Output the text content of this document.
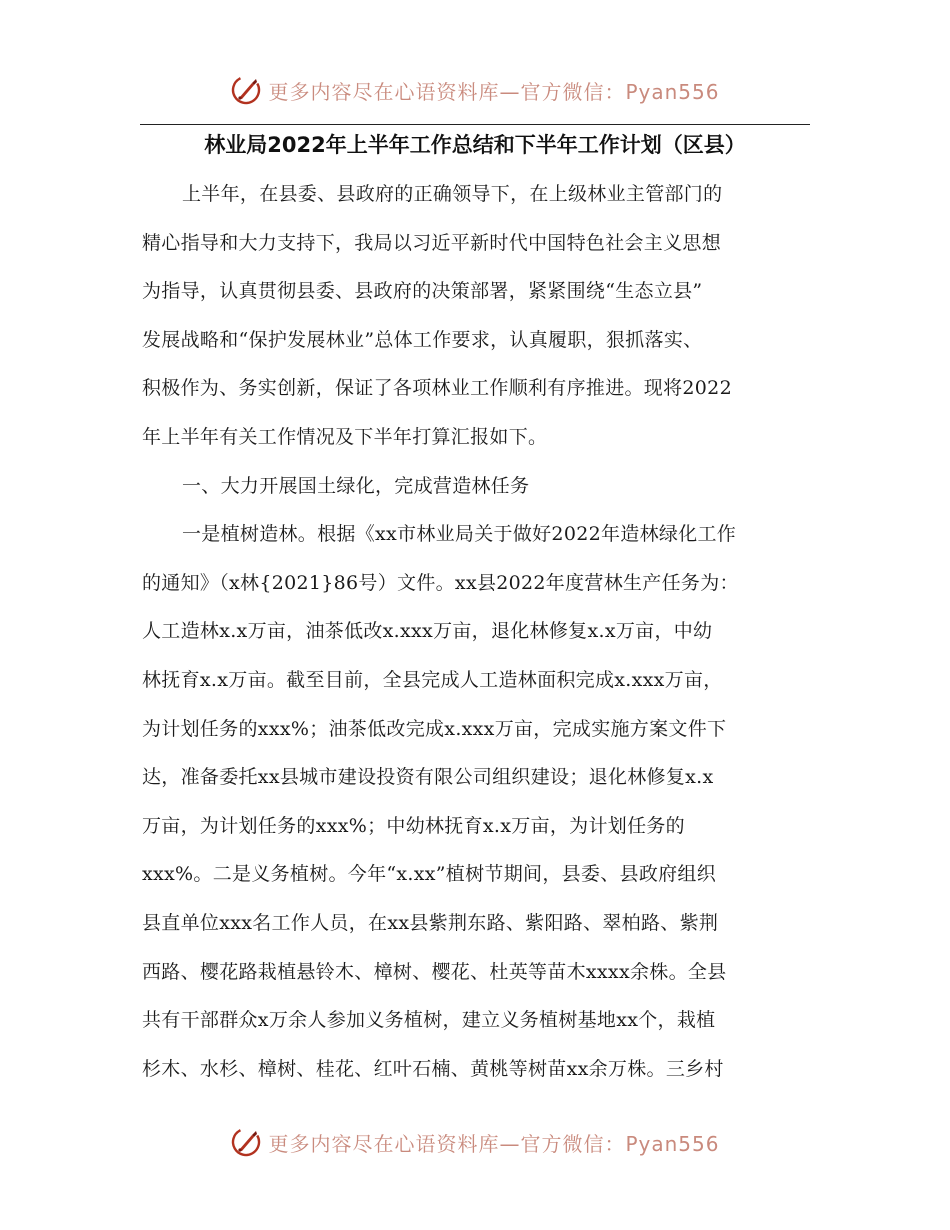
更多内容尽在心语资料库—官方微信：Pyan556
林业局2022年上半年工作总结和下半年工作计划（区县）
上半年，在县委、县政府的正确领导下，在上级林业主管部门的
精心指导和大力支持下，我局以习近平新时代中国特色社会主义思想
为指导，认真贯彻县委、县政府的决策部署，紧紧围绕“生态立县”
发展战略和“保护发展林业”总体工作要求，认真履职，狠抓落实、
积极作为、务实创新，保证了各项林业工作顺利有序推进。现将2022
年上半年有关工作情况及下半年打算汇报如下。
一、大力开展国土绿化，完成营造林任务
一是植树造林。根据《xx市林业局关于做好2022年造林绿化工作
的通知》（x林{2021}86号）文件。xx县2022年度营林生产任务为：
人工造林x.x万亩，油茶低改x.xxx万亩，退化林修复x.x万亩，中幼
林抚育x.x万亩。截至目前，全县完成人工造林面积完成x.xxx万亩，
为计划任务的xxx%；油茶低改完成x.xxx万亩，完成实施方案文件下
达，准备委托xx县城市建设投资有限公司组织建设；退化林修复x.x
万亩，为计划任务的xxx%；中幼林抚育x.x万亩，为计划任务的
xxx%。二是义务植树。今年“x.xx”植树节期间，县委、县政府组织
县直单位xxx名工作人员，在xx县紫荆东路、紫阳路、翠柏路、紫荆
西路、樱花路栽植悬铃木、樟树、樱花、杜英等苗木xxxx余株。全县
共有干部群众x万余人参加义务植树，建立义务植树基地xx个，栽植
杉木、水杉、樟树、桂花、红叶石楠、黄桃等树苗xx余万株。三乡村
更多内容尽在心语资料库—官方微信：Pyan556
